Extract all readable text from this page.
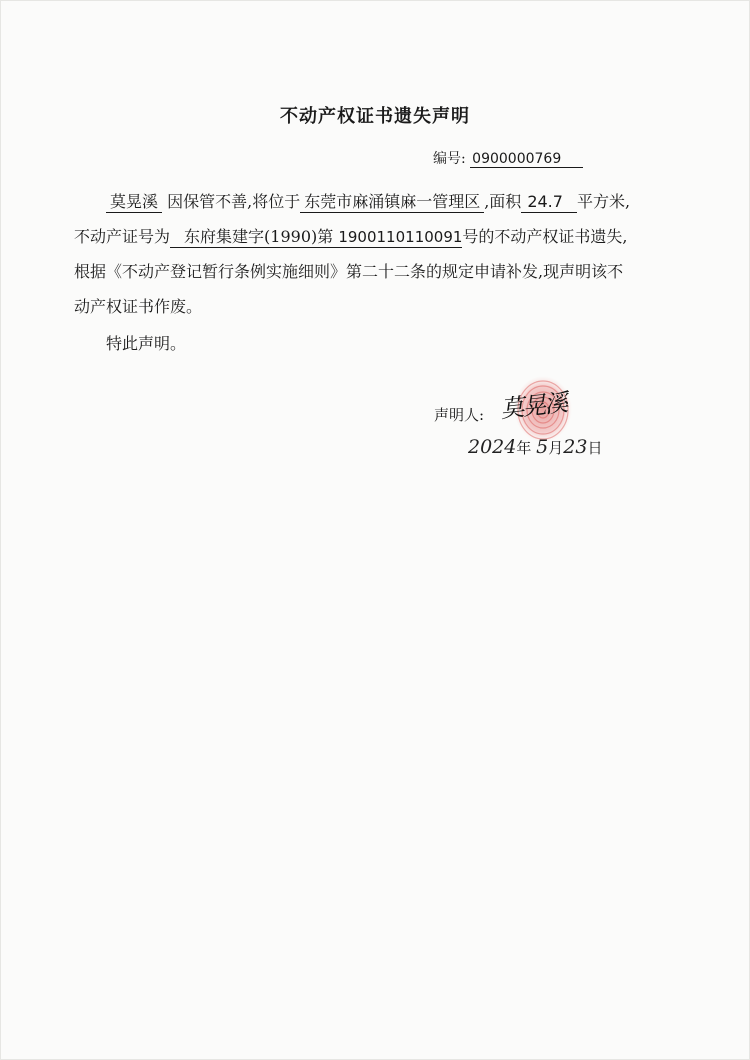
不动产权证书遗失声明
编号: 0900000769
莫晃溪 因保管不善,将位于 东莞市麻涌镇麻一管理区 ,面积 24.7 平方米,
不动产证号为 东府集建字(1990)第 1900110110091号的不动产权证书遗失,
根据《不动产登记暂行条例实施细则》第二十二条的规定申请补发,现声明该不
动产权证书作废。
特此声明。
声明人: 莫晃溪
2024年 5月23日
